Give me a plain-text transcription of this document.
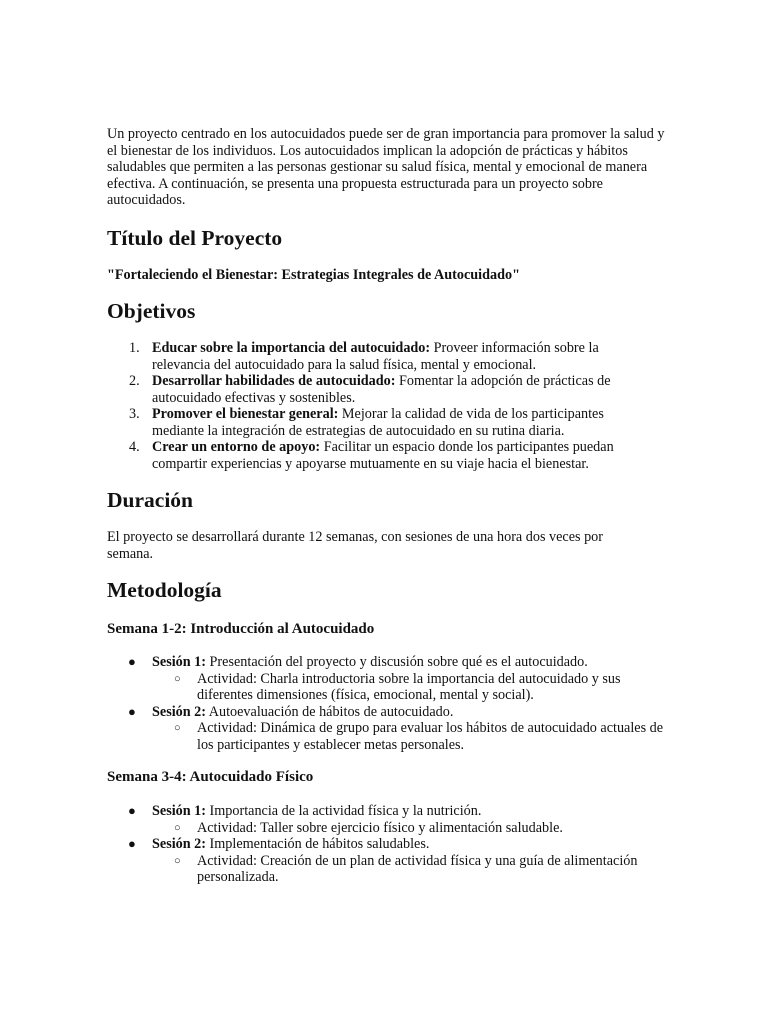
Un proyecto centrado en los autocuidados puede ser de gran importancia para promover la salud y el bienestar de los individuos. Los autocuidados implican la adopción de prácticas y hábitos saludables que permiten a las personas gestionar su salud física, mental y emocional de manera efectiva. A continuación, se presenta una propuesta estructurada para un proyecto sobre autocuidados.

Título del Proyecto

"Fortaleciendo el Bienestar: Estrategias Integrales de Autocuidado"

Objetivos
1. Educar sobre la importancia del autocuidado: Proveer información sobre la relevancia del autocuidado para la salud física, mental y emocional.
2. Desarrollar habilidades de autocuidado: Fomentar la adopción de prácticas de autocuidado efectivas y sostenibles.
3. Promover el bienestar general: Mejorar la calidad de vida de los participantes mediante la integración de estrategias de autocuidado en su rutina diaria.
4. Crear un entorno de apoyo: Facilitar un espacio donde los participantes puedan compartir experiencias y apoyarse mutuamente en su viaje hacia el bienestar.
Duración

El proyecto se desarrollará durante 12 semanas, con sesiones de una hora dos veces por semana.

Metodología
Semana 1-2: Introducción al Autocuidado
● Sesión 1: Presentación del proyecto y discusión sobre qué es el autocuidado.
○ Actividad: Charla introductoria sobre la importancia del autocuidado y sus diferentes dimensiones (física, emocional, mental y social).
● Sesión 2: Autoevaluación de hábitos de autocuidado.
○ Actividad: Dinámica de grupo para evaluar los hábitos de autocuidado actuales de los participantes y establecer metas personales.
Semana 3-4: Autocuidado Físico
● Sesión 1: Importancia de la actividad física y la nutrición.
○ Actividad: Taller sobre ejercicio físico y alimentación saludable.
● Sesión 2: Implementación de hábitos saludables.
○ Actividad: Creación de un plan de actividad física y una guía de alimentación personalizada.
